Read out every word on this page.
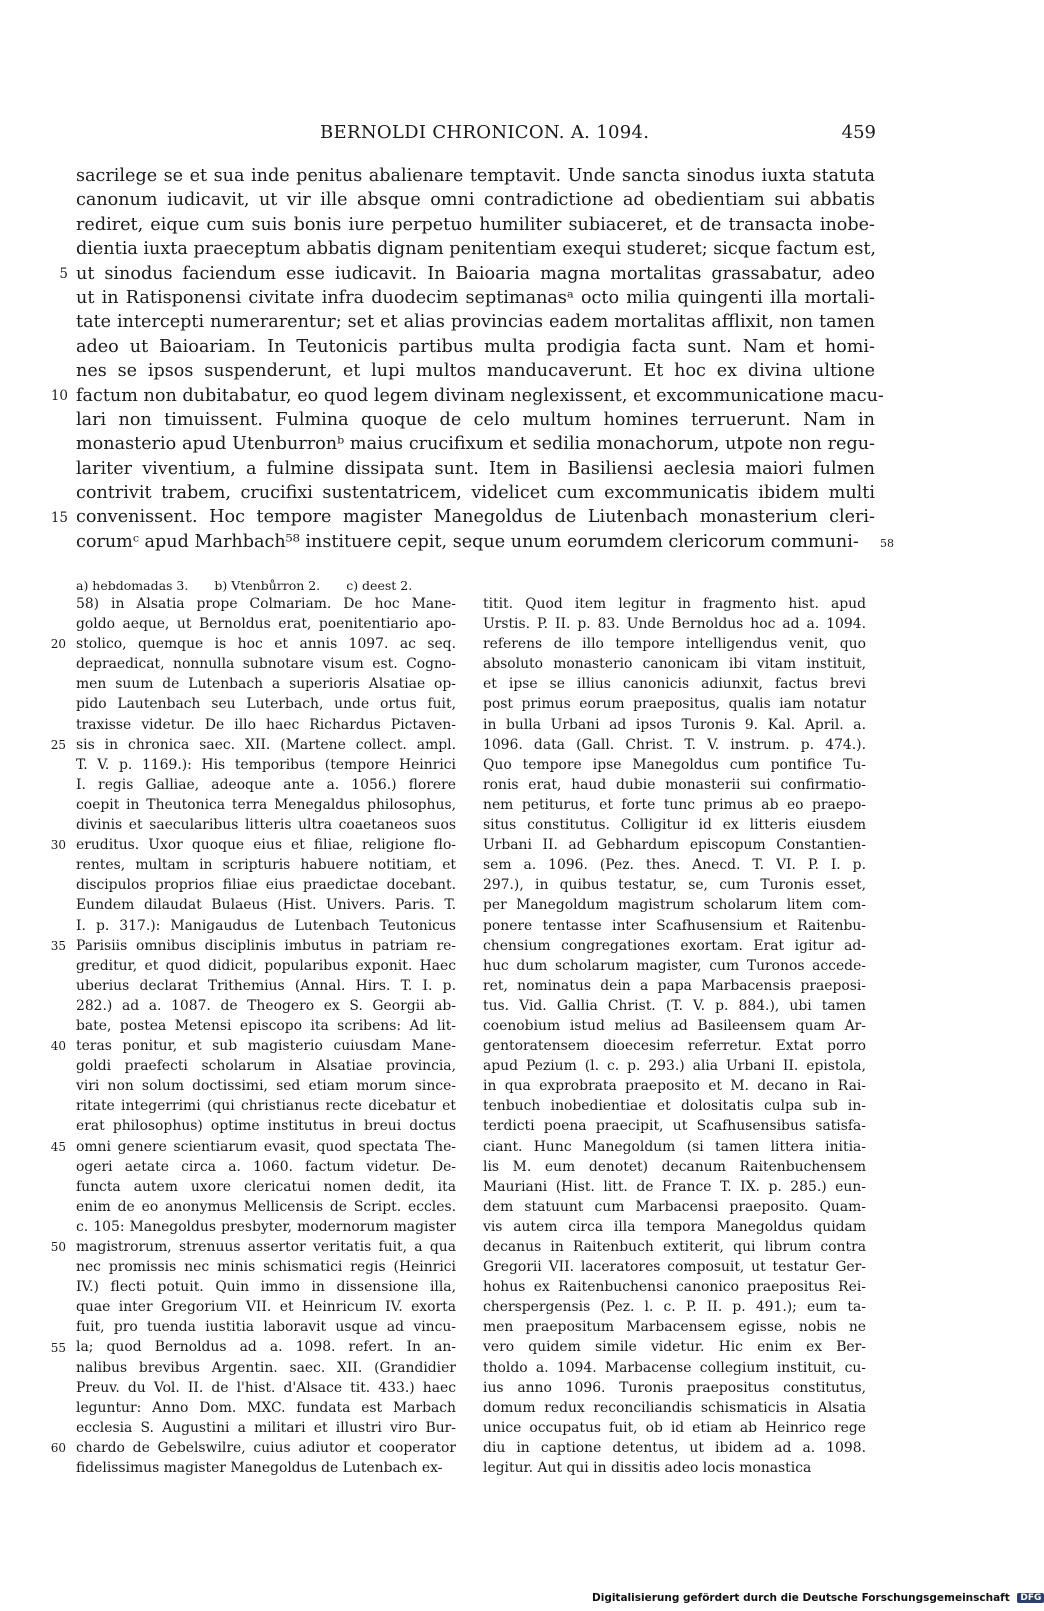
BERNOLDI CHRONICON. A. 1094.	459
sacrilege se et sua inde penitus abalienare temptavit. Unde sancta sinodus iuxta statuta
canonum iudicavit, ut vir ille absque omni contradictione ad obedientiam sui abbatis
rediret, eique cum suis bonis iure perpetuo humiliter subiaceret, et de transacta inobe-
dientia iuxta praeceptum abbatis dignam penitentiam exequi studeret; sicque factum est,
ut sinodus faciendum esse iudicavit. In Baioaria magna mortalitas grassabatur, adeo
ut in Ratisponensi civitate infra duodecim septimanasᵃ octo milia quingenti illa mortali-
tate intercepti numerarentur; set et alias provincias eadem mortalitas afflixit, non tamen
adeo ut Baioariam. In Teutonicis partibus multa prodigia facta sunt. Nam et homi-
nes se ipsos suspenderunt, et lupi multos manducaverunt. Et hoc ex divina ultione
factum non dubitabatur, eo quod legem divinam neglexissent, et excommunicatione macu-
lari non timuissent. Fulmina quoque de celo multum homines terruerunt. Nam in
monasterio apud Utenburronᵇ maius crucifixum et sedilia monachorum, utpote non regu-
lariter viventium, a fulmine dissipata sunt. Item in Basiliensi aeclesia maiori fulmen
contrivit trabem, crucifixi sustentatricem, videlicet cum excommunicatis ibidem multi
convenissent. Hoc tempore magister Manegoldus de Liutenbach monasterium cleri-
corumᶜ apud Marhbach⁵⁸ instituere cepit, seque unum eorumdem clericorum communi-
5
10
15
58
a) hebdomadas 3. b) Vtenbůrron 2. c) deest 2.
58) in Alsatia prope Colmariam. De hoc Mane-
goldo aeque, ut Bernoldus erat, poenitentiario apo-
stolico, quemque is hoc et annis 1097. ac seq.
depraedicat, nonnulla subnotare visum est. Cogno-
men suum de Lutenbach a superioris Alsatiae op-
pido Lautenbach seu Luterbach, unde ortus fuit,
traxisse videtur. De illo haec Richardus Pictaven-
sis in chronica saec. XII. (Martene collect. ampl.
T. V. p. 1169.): His temporibus (tempore Heinrici
I. regis Galliae, adeoque ante a. 1056.) florere
coepit in Theutonica terra Menegaldus philosophus,
divinis et saecularibus litteris ultra coaetaneos suos
eruditus. Uxor quoque eius et filiae, religione flo-
rentes, multam in scripturis habuere notitiam, et
discipulos proprios filiae eius praedictae docebant.
Eundem dilaudat Bulaeus (Hist. Univers. Paris. T.
I. p. 317.): Manigaudus de Lutenbach Teutonicus
Parisiis omnibus disciplinis imbutus in patriam re-
greditur, et quod didicit, popularibus exponit. Haec
uberius declarat Trithemius (Annal. Hirs. T. I. p.
282.) ad a. 1087. de Theogero ex S. Georgii ab-
bate, postea Metensi episcopo ita scribens: Ad lit-
teras ponitur, et sub magisterio cuiusdam Mane-
goldi praefecti scholarum in Alsatiae provincia,
viri non solum doctissimi, sed etiam morum since-
ritate integerrimi (qui christianus recte dicebatur et
erat philosophus) optime institutus in breui doctus
omni genere scientiarum evasit, quod spectata The-
ogeri aetate circa a. 1060. factum videtur. De-
functa autem uxore clericatui nomen dedit, ita
enim de eo anonymus Mellicensis de Script. eccles.
c. 105: Manegoldus presbyter, modernorum magister
magistrorum, strenuus assertor veritatis fuit, a qua
nec promissis nec minis schismatici regis (Heinrici
IV.) flecti potuit. Quin immo in dissensione illa,
quae inter Gregorium VII. et Heinricum IV. exorta
fuit, pro tuenda iustitia laboravit usque ad vincu-
la; quod Bernoldus ad a. 1098. refert. In an-
nalibus brevibus Argentin. saec. XII. (Grandidier
Preuv. du Vol. II. de l'hist. d'Alsace tit. 433.) haec
leguntur: Anno Dom. MXC. fundata est Marbach
ecclesia S. Augustini a militari et illustri viro Bur-
chardo de Gebelswilre, cuius adiutor et cooperator
fidelissimus magister Manegoldus de Lutenbach ex-
titit. Quod item legitur in fragmento hist. apud
Urstis. P. II. p. 83. Unde Bernoldus hoc ad a. 1094.
referens de illo tempore intelligendus venit, quo
absoluto monasterio canonicam ibi vitam instituit,
et ipse se illius canonicis adiunxit, factus brevi
post primus eorum praepositus, qualis iam notatur
in bulla Urbani ad ipsos Turonis 9. Kal. April. a.
1096. data (Gall. Christ. T. V. instrum. p. 474.).
Quo tempore ipse Manegoldus cum pontifice Tu-
ronis erat, haud dubie monasterii sui confirmatio-
nem petiturus, et forte tunc primus ab eo praepo-
situs constitutus. Colligitur id ex litteris eiusdem
Urbani II. ad Gebhardum episcopum Constantien-
sem a. 1096. (Pez. thes. Anecd. T. VI. P. I. p.
297.), in quibus testatur, se, cum Turonis esset,
per Manegoldum magistrum scholarum litem com-
ponere tentasse inter Scafhusensium et Raitenbu-
chensium congregationes exortam. Erat igitur ad-
huc dum scholarum magister, cum Turonos accede-
ret, nominatus dein a papa Marbacensis praeposi-
tus. Vid. Gallia Christ. (T. V. p. 884.), ubi tamen
coenobium istud melius ad Basileensem quam Ar-
gentoratensem dioecesim referretur. Extat porro
apud Pezium (l. c. p. 293.) alia Urbani II. epistola,
in qua exprobrata praeposito et M. decano in Rai-
tenbuch inobedientiae et dolositatis culpa sub in-
terdicti poena praecipit, ut Scafhusensibus satisfa-
ciant. Hunc Manegoldum (si tamen littera initia-
lis M. eum denotet) decanum Raitenbuchensem
Mauriani (Hist. litt. de France T. IX. p. 285.) eun-
dem statuunt cum Marbacensi praeposito. Quam-
vis autem circa illa tempora Manegoldus quidam
decanus in Raitenbuch extiterit, qui librum contra
Gregorii VII. laceratores composuit, ut testatur Ger-
hohus ex Raitenbuchensi canonico praepositus Rei-
cherspergensis (Pez. l. c. P. II. p. 491.); eum ta-
men praepositum Marbacensem egisse, nobis ne
vero quidem simile videtur. Hic enim ex Ber-
tholdo a. 1094. Marbacense collegium instituit, cu-
ius anno 1096. Turonis praepositus constitutus,
domum redux reconciliandis schismaticis in Alsatia
unice occupatus fuit, ob id etiam ab Heinrico rege
diu in captione detentus, ut ibidem ad a. 1098.
legitur. Aut qui in dissitis adeo locis monastica
20
25
30
35
40
45
50
55
60
Digitalisierung gefördert durch die Deutsche Forschungsgemeinschaft DFG
